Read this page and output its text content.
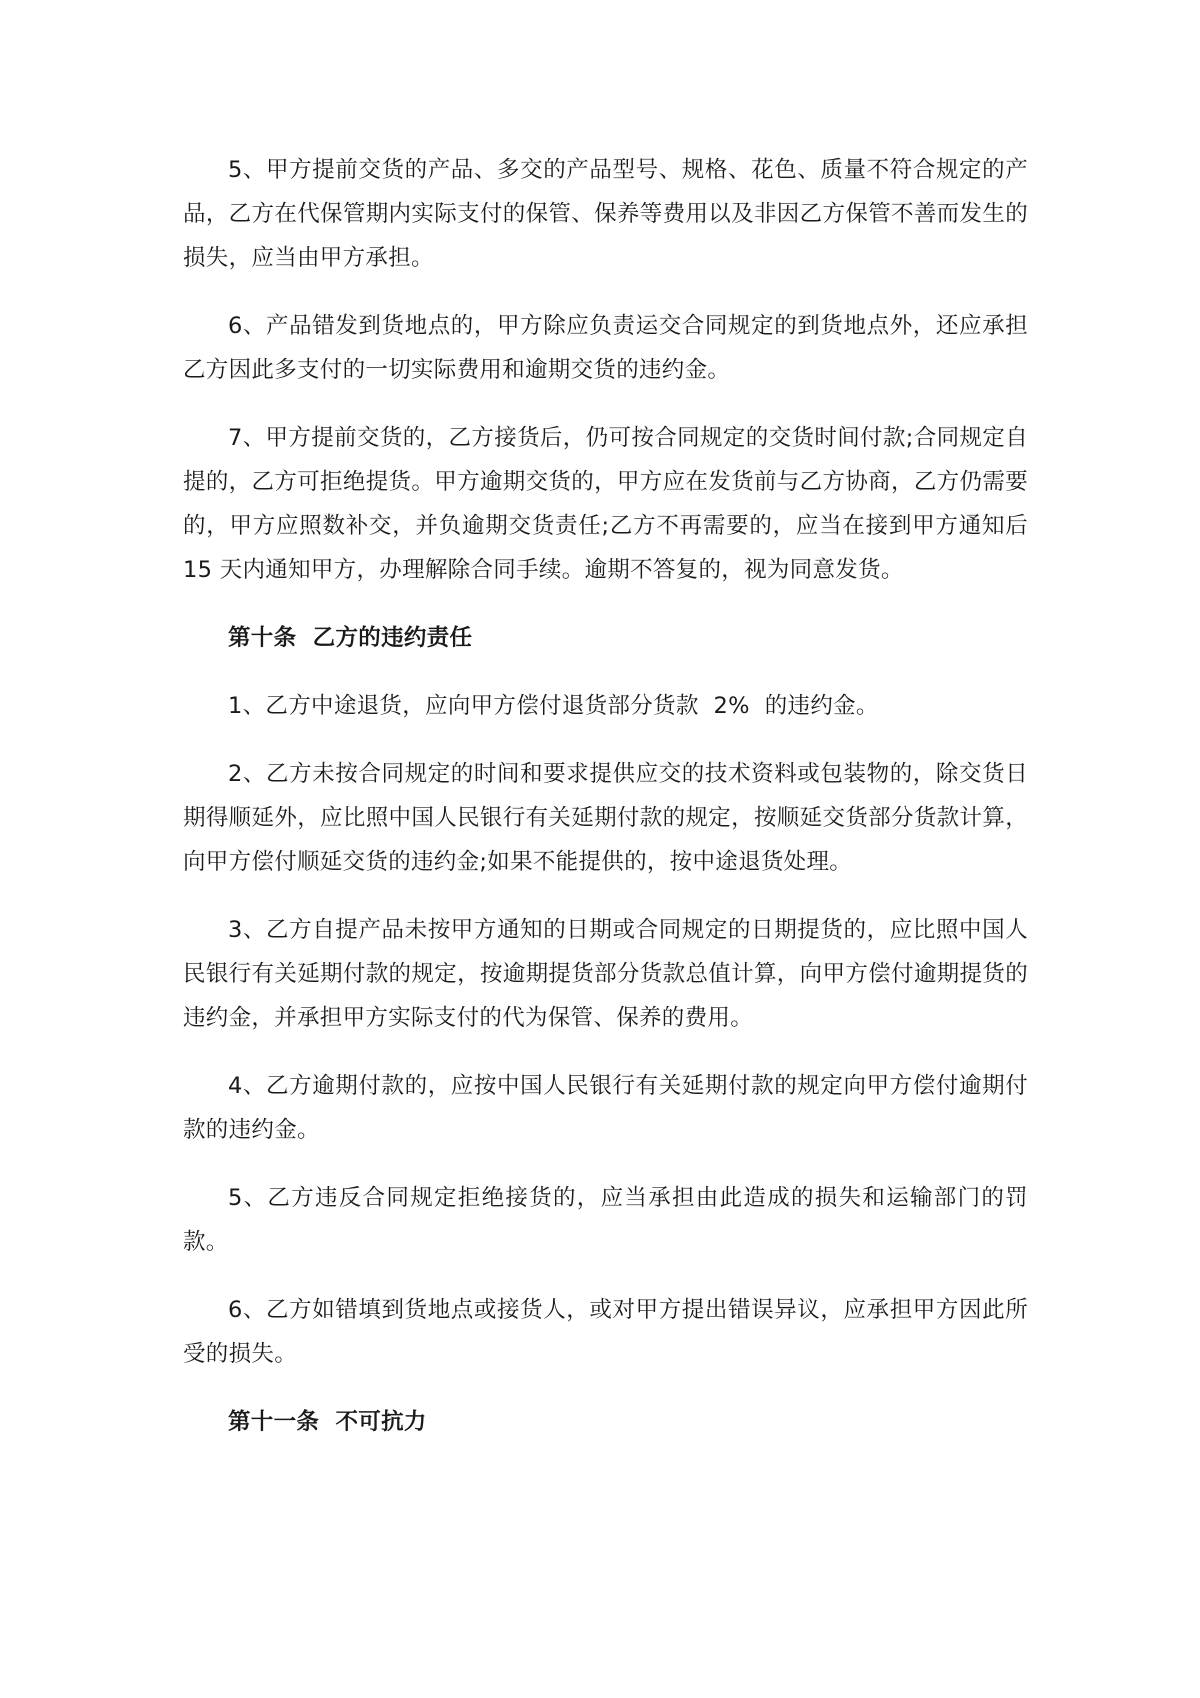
5、甲方提前交货的产品、多交的产品型号、规格、花色、质量不符合规定的产品，乙方在代保管期内实际支付的保管、保养等费用以及非因乙方保管不善而发生的损失，应当由甲方承担。

6、产品错发到货地点的，甲方除应负责运交合同规定的到货地点外，还应承担乙方因此多支付的一切实际费用和逾期交货的违约金。

7、甲方提前交货的，乙方接货后，仍可按合同规定的交货时间付款;合同规定自提的，乙方可拒绝提货。甲方逾期交货的，甲方应在发货前与乙方协商，乙方仍需要的，甲方应照数补交，并负逾期交货责任;乙方不再需要的，应当在接到甲方通知后 15 天内通知甲方，办理解除合同手续。逾期不答复的，视为同意发货。

第十条  乙方的违约责任

1、乙方中途退货，应向甲方偿付退货部分货款  2%  的违约金。

2、乙方未按合同规定的时间和要求提供应交的技术资料或包装物的，除交货日期得顺延外，应比照中国人民银行有关延期付款的规定，按顺延交货部分货款计算，向甲方偿付顺延交货的违约金;如果不能提供的，按中途退货处理。

3、乙方自提产品未按甲方通知的日期或合同规定的日期提货的，应比照中国人民银行有关延期付款的规定，按逾期提货部分货款总值计算，向甲方偿付逾期提货的违约金，并承担甲方实际支付的代为保管、保养的费用。

4、乙方逾期付款的，应按中国人民银行有关延期付款的规定向甲方偿付逾期付款的违约金。

5、乙方违反合同规定拒绝接货的，应当承担由此造成的损失和运输部门的罚款。

6、乙方如错填到货地点或接货人，或对甲方提出错误异议，应承担甲方因此所受的损失。

第十一条  不可抗力
